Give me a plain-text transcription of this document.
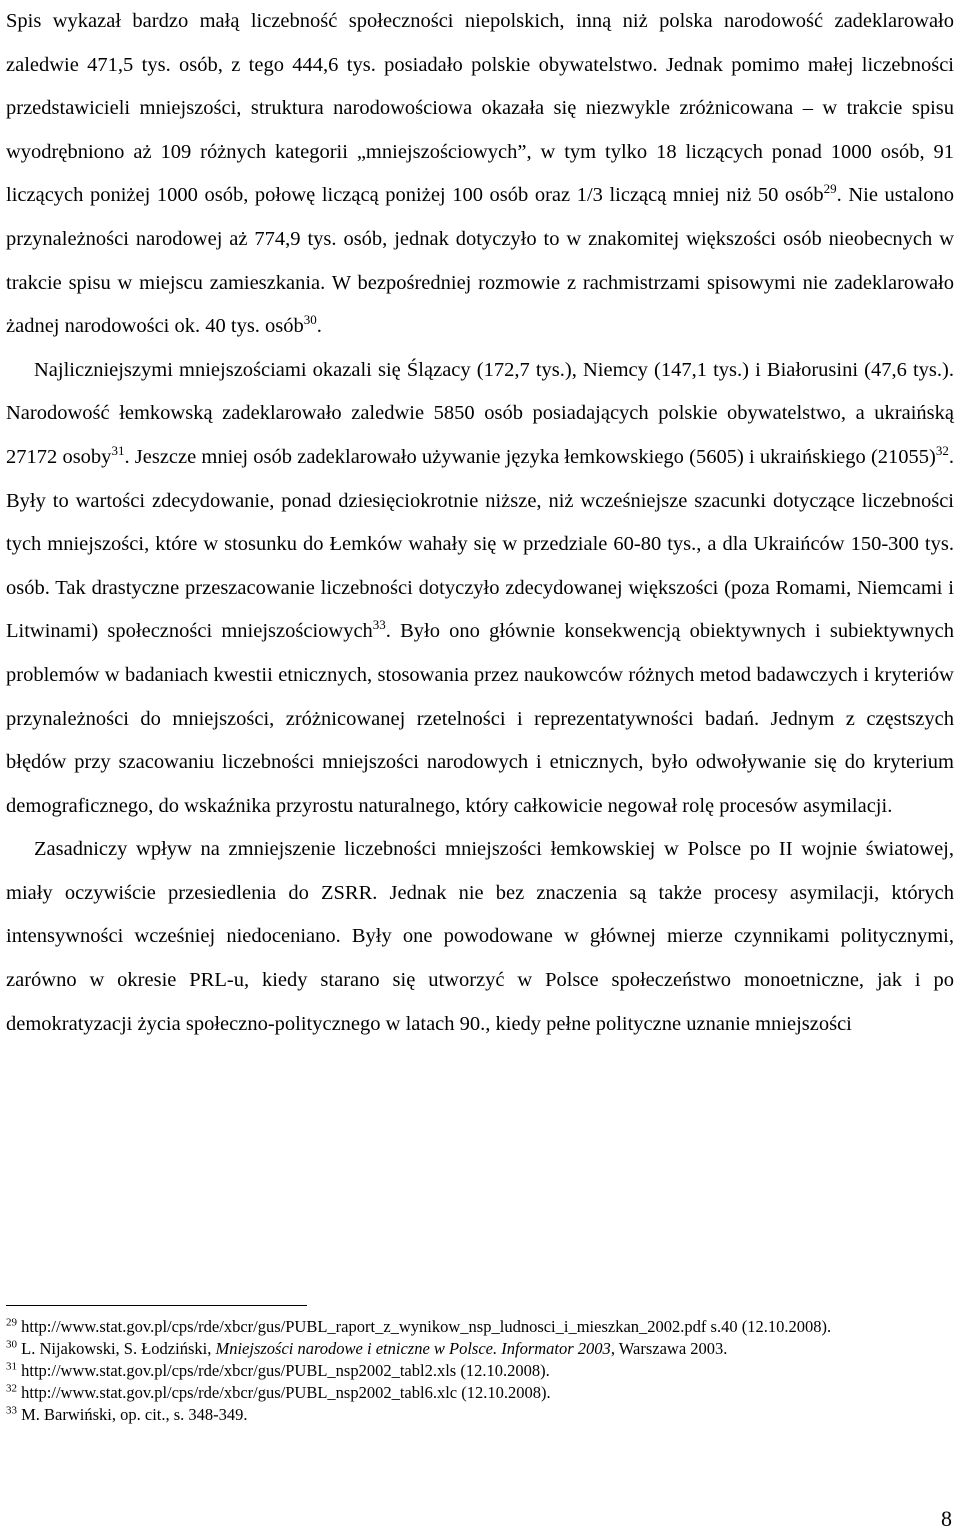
Spis wykazał bardzo małą liczebność społeczności niepolskich, inną niż polska narodowość zadeklarowało zaledwie 471,5 tys. osób, z tego 444,6 tys. posiadało polskie obywatelstwo. Jednak pomimo małej liczebności przedstawicieli mniejszości, struktura narodowościowa okazała się niezwykle zróżnicowana – w trakcie spisu wyodrębniono aż 109 różnych kategorii „mniejszościowych”, w tym tylko 18 liczących ponad 1000 osób, 91 liczących poniżej 1000 osób, połowę liczącą poniżej 100 osób oraz 1/3 liczącą mniej niż 50 osób$^{29}$. Nie ustalono przynależności narodowej aż 774,9 tys. osób, jednak dotyczyło to w znakomitej większości osób nieobecnych w trakcie spisu w miejscu zamieszkania. W bezpośredniej rozmowie z rachmistrzami spisowymi nie zadeklarowało żadnej narodowości ok. 40 tys. osób$^{30}$.

Najliczniejszymi mniejszościami okazali się Ślązacy (172,7 tys.), Niemcy (147,1 tys.) i Białorusini (47,6 tys.). Narodowość łemkowską zadeklarowało zaledwie 5850 osób posiadających polskie obywatelstwo, a ukraińską 27172 osoby$^{31}$. Jeszcze mniej osób zadeklarowało używanie języka łemkowskiego (5605) i ukraińskiego $(21055)^{32}$. Były to wartości zdecydowanie, ponad dziesięciokrotnie niższe, niż wcześniejsze szacunki dotyczące liczebności tych mniejszości, które w stosunku do Łemków wahały się w przedziale 60-80 tys., a dla Ukraińców 150-300 tys. osób. Tak drastyczne przeszacowanie liczebności dotyczyło zdecydowanej większości (poza Romami, Niemcami i Litwinami) społeczności mniejszościowych$^{33}$. Było ono głównie konsekwencją obiektywnych i subiektywnych problemów w badaniach kwestii etnicznych, stosowania przez naukowców różnych metod badawczych i kryteriów przynależności do mniejszości, zróżnicowanej rzetelności i reprezentatywności badań. Jednym z częstszych błędów przy szacowaniu liczebności mniejszości narodowych i etnicznych, było odwoływanie się do kryterium demograficznego, do wskaźnika przyrostu naturalnego, który całkowicie negował rolę procesów asymilacji.

Zasadniczy wpływ na zmniejszenie liczebności mniejszości łemkowskiej w Polsce po II wojnie światowej, miały oczywiście przesiedlenia do ZSRR. Jednak nie bez znaczenia są także procesy asymilacji, których intensywności wcześniej niedoceniano. Były one powodowane w głównej mierze czynnikami politycznymi, zarówno w okresie PRL-u, kiedy starano się utworzyć w Polsce społeczeństwo monoetniczne, jak i po demokratyzacji życia społeczno-politycznego w latach 90., kiedy pełne polityczne uznanie mniejszości

$^{29}$ http://www.stat.gov.pl/cps/rde/xbcr/gus/PUBL_raport_z_wynikow_nsp_ludnosci_i_mieszkan_2002.pdf s.40 (12.10.2008).

$^{30}$ L. Nijakowski, S. Łodziński, Mniejszości narodowe i etniczne w Polsce. Informator 2003, Warszawa 2003.

$^{31}$ http://www.stat.gov.pl/cps/rde/xbcr/gus/PUBL_nsp2002_tabl2.xls (12.10.2008).

$^{32}$ http://www.stat.gov.pl/cps/rde/xbcr/gus/PUBL_nsp2002_tabl6.xlc (12.10.2008).

$^{33}$ M. Barwiński, op. cit., s. 348-349.

8
